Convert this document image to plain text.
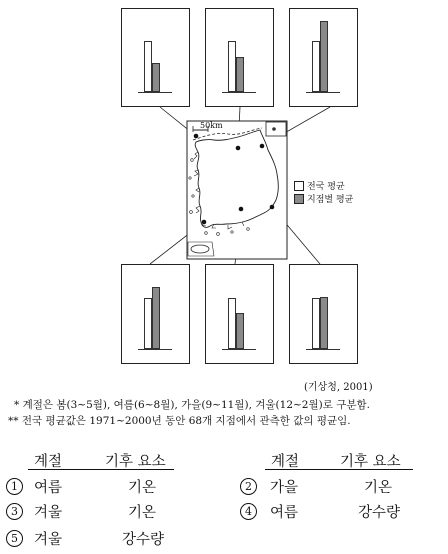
50km
전국 평균
지점별 평균
(기상청, 2001)
* 계절은 봄(3∼5월), 여름(6∼8월), 가을(9∼11월), 겨울(12∼2월)로 구분함.
** 전국 평균값은 1971∼2000년 동안 68개 지점에서 관측한 값의 평균임.
계절	기후 요소	계절	기후 요소
1	여름	기온	2	가을	기온
3	겨울	기온	4	여름	강수량
5	겨울	강수량
